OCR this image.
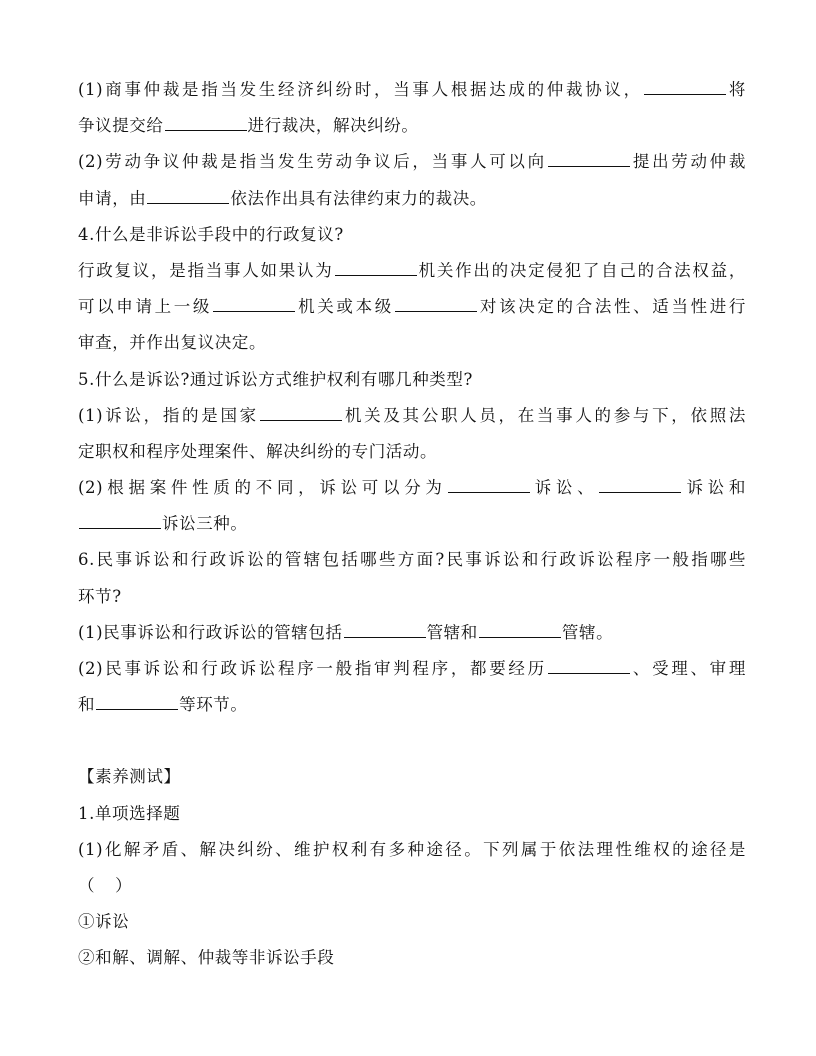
(1)商事仲裁是指当发生经济纠纷时，当事人根据达成的仲裁协议，	将
争议提交给	进行裁决，解决纠纷。
(2)劳动争议仲裁是指当发生劳动争议后，当事人可以向	提出劳动仲裁
申请，由	依法作出具有法律约束力的裁决。
4.什么是非诉讼手段中的行政复议?
行政复议，是指当事人如果认为	机关作出的决定侵犯了自己的合法权益，
可以申请上一级	机关或本级	对该决定的合法性、适当性进行
审查，并作出复议决定。
5.什么是诉讼?通过诉讼方式维护权利有哪几种类型?
(1)诉讼，指的是国家	机关及其公职人员，在当事人的参与下，依照法
定职权和程序处理案件、解决纠纷的专门活动。
(2)根据案件性质的不同，诉讼可以分为	诉讼、	诉讼和
诉讼三种。
6.民事诉讼和行政诉讼的管辖包括哪些方面?民事诉讼和行政诉讼程序一般指哪些
环节?
(1)民事诉讼和行政诉讼的管辖包括	管辖和	管辖。
(2)民事诉讼和行政诉讼程序一般指审判程序，都要经历	、受理、审理
和	等环节。
【素养测试】
1.单项选择题
(1)化解矛盾、解决纠纷、维护权利有多种途径。下列属于依法理性维权的途径是
（ ）
①诉讼
②和解、调解、仲裁等非诉讼手段
